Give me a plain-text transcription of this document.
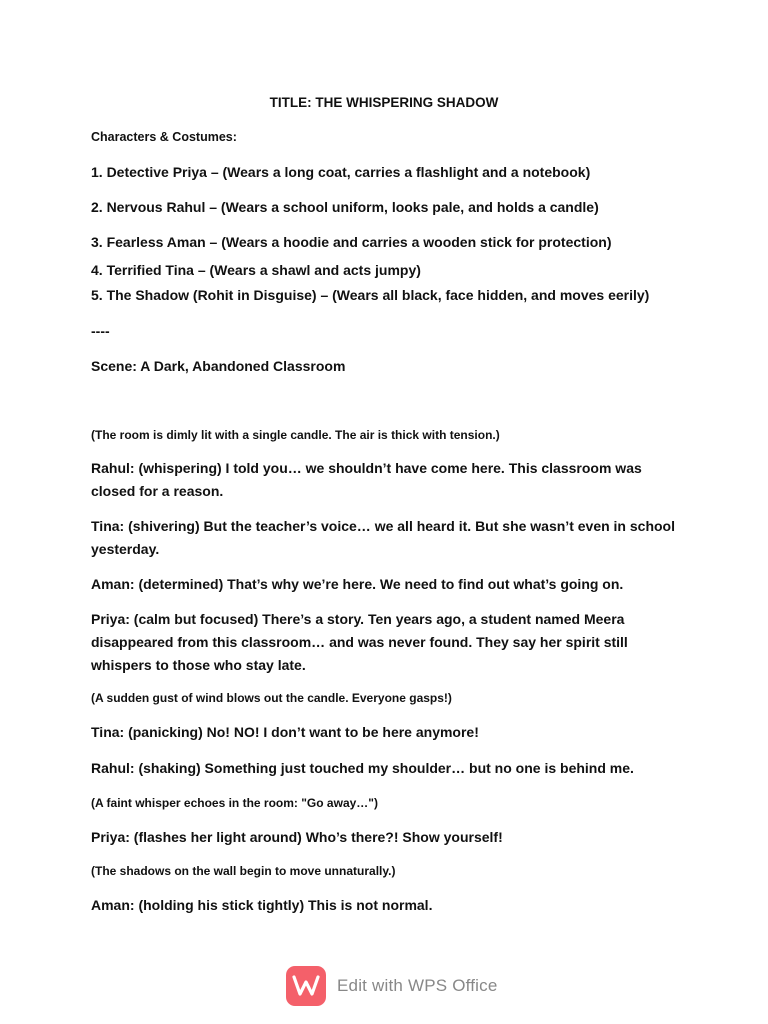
TITLE: THE WHISPERING SHADOW

Characters & Costumes:

1. Detective Priya – (Wears a long coat, carries a flashlight and a notebook)

2. Nervous Rahul – (Wears a school uniform, looks pale, and holds a candle)

3. Fearless Aman – (Wears a hoodie and carries a wooden stick for protection)

4. Terrified Tina – (Wears a shawl and acts jumpy)

5. The Shadow (Rohit in Disguise) – (Wears all black, face hidden, and moves eerily)

----

Scene: A Dark, Abandoned Classroom

(The room is dimly lit with a single candle. The air is thick with tension.)

Rahul: (whispering) I told you… we shouldn’t have come here. This classroom was closed for a reason.

Tina: (shivering) But the teacher’s voice… we all heard it. But she wasn’t even in school yesterday.

Aman: (determined) That’s why we’re here. We need to find out what’s going on.

Priya: (calm but focused) There’s a story. Ten years ago, a student named Meera disappeared from this classroom… and was never found. They say her spirit still whispers to those who stay late.

(A sudden gust of wind blows out the candle. Everyone gasps!)

Tina: (panicking) No! NO! I don’t want to be here anymore!

Rahul: (shaking) Something just touched my shoulder… but no one is behind me.

(A faint whisper echoes in the room: "Go away…")

Priya: (flashes her light around) Who’s there?! Show yourself!

(The shadows on the wall begin to move unnaturally.)

Aman: (holding his stick tightly) This is not normal.

Edit with WPS Office
